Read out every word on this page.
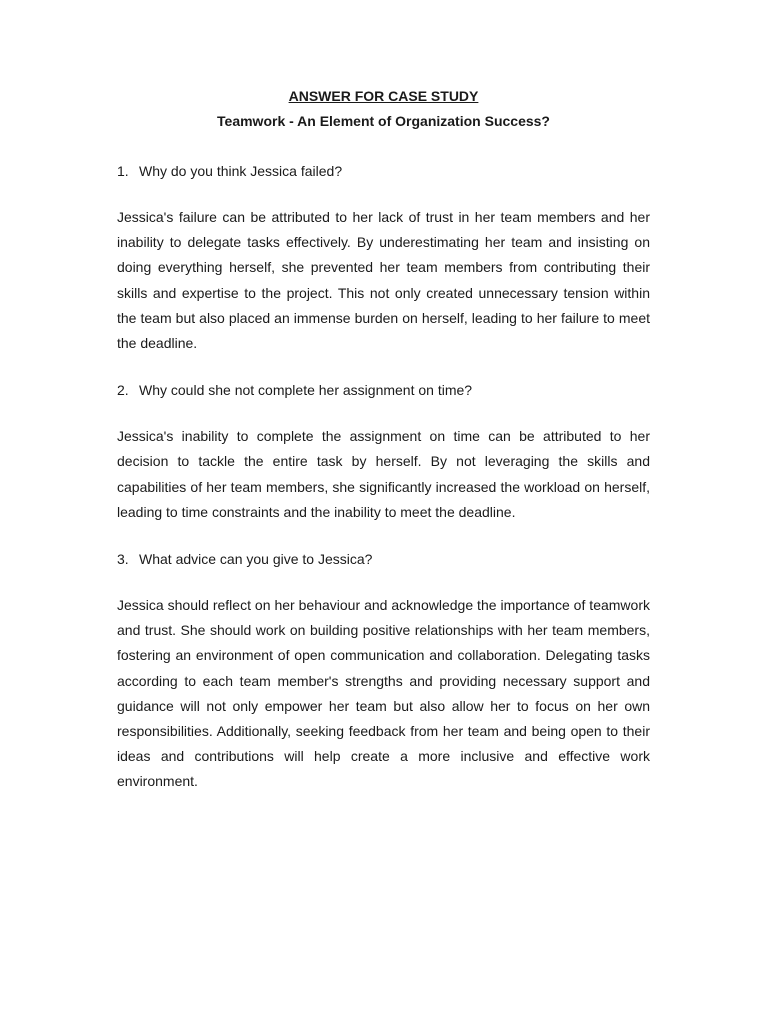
ANSWER FOR CASE STUDY
Teamwork - An Element of Organization Success?
1. Why do you think Jessica failed?

Jessica's failure can be attributed to her lack of trust in her team members and her inability to delegate tasks effectively. By underestimating her team and insisting on doing everything herself, she prevented her team members from contributing their skills and expertise to the project. This not only created unnecessary tension within the team but also placed an immense burden on herself, leading to her failure to meet the deadline.

2. Why could she not complete her assignment on time?

Jessica's inability to complete the assignment on time can be attributed to her decision to tackle the entire task by herself. By not leveraging the skills and capabilities of her team members, she significantly increased the workload on herself, leading to time constraints and the inability to meet the deadline.

3. What advice can you give to Jessica?

Jessica should reflect on her behaviour and acknowledge the importance of teamwork and trust. She should work on building positive relationships with her team members, fostering an environment of open communication and collaboration. Delegating tasks according to each team member's strengths and providing necessary support and guidance will not only empower her team but also allow her to focus on her own responsibilities. Additionally, seeking feedback from her team and being open to their ideas and contributions will help create a more inclusive and effective work environment.
